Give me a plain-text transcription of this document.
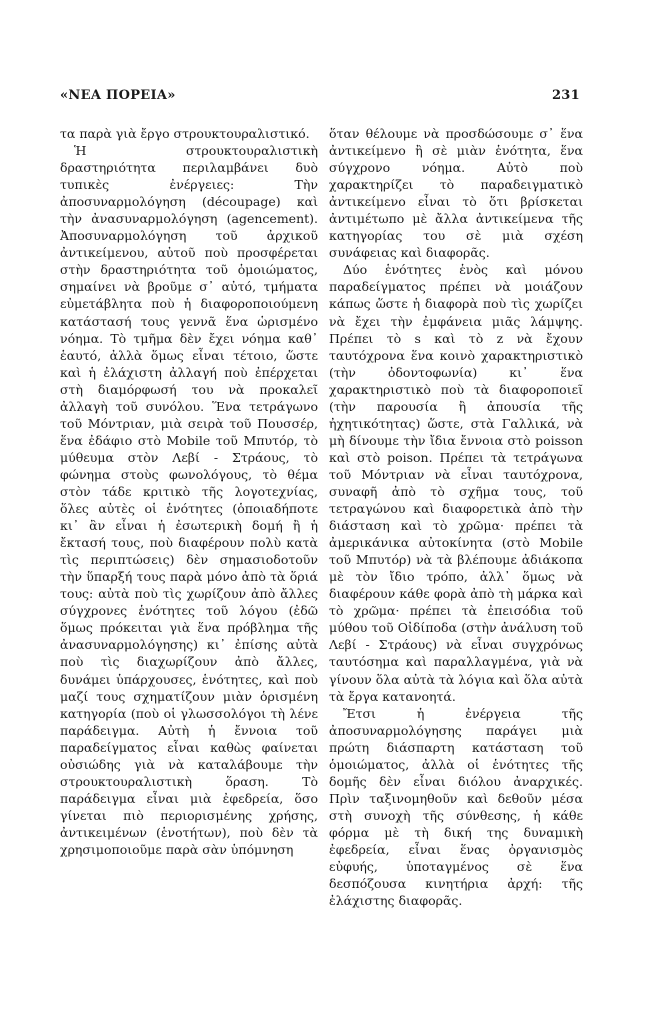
«ΝΕΑ ΠΟΡΕΙΑ»	231

τα παρὰ γιὰ ἔργο στρουκτουραλιστικό.

Ἡ στρουκτουραλιστικὴ δραστηριότητα περιλαμβάνει δυὸ τυπικὲς ἐνέργειες: Τὴν ἀποσυναρμολόγηση (découpage) καὶ τὴν ἀνασυναρμολόγηση (agencement). Ἀποσυναρμολόγηση τοῦ ἀρχικοῦ ἀντικείμενου, αὐτοῦ ποὺ προσφέρεται στὴν δραστηριότητα τοῦ ὁμοιώματος, σημαίνει νὰ βροῦμε σ᾽ αὐτό, τμήματα εὐμετάβλητα ποὺ ἡ διαφοροποιούμενη κατάστασή τους γεννᾶ ἕνα ὡρισμένο νόημα. Τὸ τμῆμα δὲν ἔχει νόημα καθ᾽ ἑαυτό, ἀλλὰ ὅμως εἶναι τέτοιο, ὥστε καὶ ἡ ἐλάχιστη ἀλλαγή ποὺ ἐπέρχεται στὴ διαμόρφωσή του νὰ προκαλεῖ ἀλλαγὴ τοῦ συνόλου. Ἕνα τετράγωνο τοῦ Μόντριαν, μιὰ σειρὰ τοῦ Πουσσέρ, ἕνα ἐδάφιο στὸ Mobile τοῦ Μπυτόρ, τὸ μύθευμα στὸν Λεβί - Στράους, τὸ φώνημα στοὺς φωνολόγους, τὸ θέμα στὸν τάδε κριτικὸ τῆς λογοτεχνίας, ὅλες αὐτὲς οἱ ἑνότητες (ὁποιαδήποτε κι᾽ ἂν εἶναι ἡ ἐσωτερικὴ δομή ἢ ἡ ἔκτασή τους, ποὺ διαφέρουν πολὺ κατὰ τὶς περιπτώσεις) δὲν σημασιοδοτοῦν τὴν ὕπαρξή τους παρὰ μόνο ἀπὸ τὰ ὅριά τους: αὐτὰ ποὺ τὶς χωρίζουν ἀπὸ ἄλλες σύγχρονες ἑνότητες τοῦ λόγου (ἐδῶ ὅμως πρόκειται γιὰ ἕνα πρόβλημα τῆς ἀνασυναρμολόγησης) κι᾽ ἐπίσης αὐτὰ ποὺ τὶς διαχωρίζουν ἀπὸ ἄλλες, δυνάμει ὑπάρχουσες, ἑνότητες, καὶ ποὺ μαζί τους σχηματίζουν μιὰν ὁρισμένη κατηγορία (ποὺ οἱ γλωσσολόγοι τὴ λένε παράδειγμα. Αὐτὴ ἡ ἔννοια τοῦ παραδείγματος εἶναι καθὼς φαίνεται οὐσιώδης γιὰ νὰ καταλάβουμε τὴν στρουκτουραλιστικὴ ὅραση. Τὸ παράδειγμα εἶναι μιὰ ἐφεδρεία, ὅσο γίνεται πιὸ περιορισμένης χρήσης, ἀντικειμένων (ἑνοτήτων), ποὺ δὲν τὰ χρησιμοποιοῦμε παρὰ σὰν ὑπόμνηση

ὅταν θέλουμε νὰ προσδώσουμε σ᾽ ἕνα ἀντικείμενο ἢ σὲ μιὰν ἑνότητα, ἕνα σύγχρονο νόημα. Αὐτὸ ποὺ χαρακτηρίζει τὸ παραδειγματικὸ ἀντικείμενο εἶναι τὸ ὅτι βρίσκεται ἀντιμέτωπο μὲ ἄλλα ἀντικείμενα τῆς κατηγορίας του σὲ μιὰ σχέση συνάφειας καὶ διαφορᾶς.

Δύο ἑνότητες ἑνὸς καὶ μόνου παραδείγματος πρέπει νὰ μοιάζουν κάπως ὥστε ἡ διαφορὰ ποὺ τὶς χωρίζει νὰ ἔχει τὴν ἐμφάνεια μιᾶς λάμψης. Πρέπει τὸ s καὶ τὸ z νὰ ἔχουν ταυτόχρονα ἕνα κοινὸ χαρακτηριστικὸ (τὴν ὀδοντοφωνία) κι᾽ ἕνα χαρακτηριστικὸ ποὺ τὰ διαφοροποιεῖ (τὴν παρουσία ἢ ἀπουσία τῆς ἠχητικότητας) ὥστε, στὰ Γαλλικά, νὰ μὴ δίνουμε τὴν ἴδια ἔννοια στὸ poisson καὶ στὸ poison. Πρέπει τὰ τετράγωνα τοῦ Μόντριαν νὰ εἶναι ταυτόχρονα, συναφῆ ἀπὸ τὸ σχῆμα τους, τοῦ τετραγώνου καὶ διαφορετικὰ ἀπὸ τὴν διάσταση καὶ τὸ χρῶμα· πρέπει τὰ ἀμερικάνικα αὐτοκίνητα (στὸ Mobile τοῦ Μπυτόρ) νὰ τὰ βλέπουμε ἀδιάκοπα μὲ τὸν ἴδιο τρόπο, ἀλλ᾽ ὅμως νὰ διαφέρουν κάθε φορὰ ἀπὸ τὴ μάρκα καὶ τὸ χρῶμα· πρέπει τὰ ἐπεισόδια τοῦ μύθου τοῦ Οἰδίποδα (στὴν ἀνάλυση τοῦ Λεβί - Στράους) νὰ εἶναι συγχρόνως ταυτόσημα καὶ παραλλαγμένα, γιὰ νὰ γίνουν ὅλα αὐτὰ τὰ λόγια καὶ ὅλα αὐτὰ τὰ ἔργα κατανοητά.

Ἔτσι ἡ ἐνέργεια τῆς ἀποσυναρμολόγησης παράγει μιὰ πρώτη διάσπαρτη κατάσταση τοῦ ὁμοιώματος, ἀλλὰ οἱ ἑνότητες τῆς δομῆς δὲν εἶναι διόλου ἀναρχικές. Πρὶν ταξινομηθοῦν καὶ δεθοῦν μέσα στὴ συνοχὴ τῆς σύνθεσης, ἡ κάθε φόρμα μὲ τὴ δική της δυναμικὴ ἐφεδρεία, εἶναι ἕνας ὀργανισμὸς εὐφυής, ὑποταγμένος σὲ ἕνα δεσπόζουσα κινητήρια ἀρχή: τῆς ἐλάχιστης διαφορᾶς.
